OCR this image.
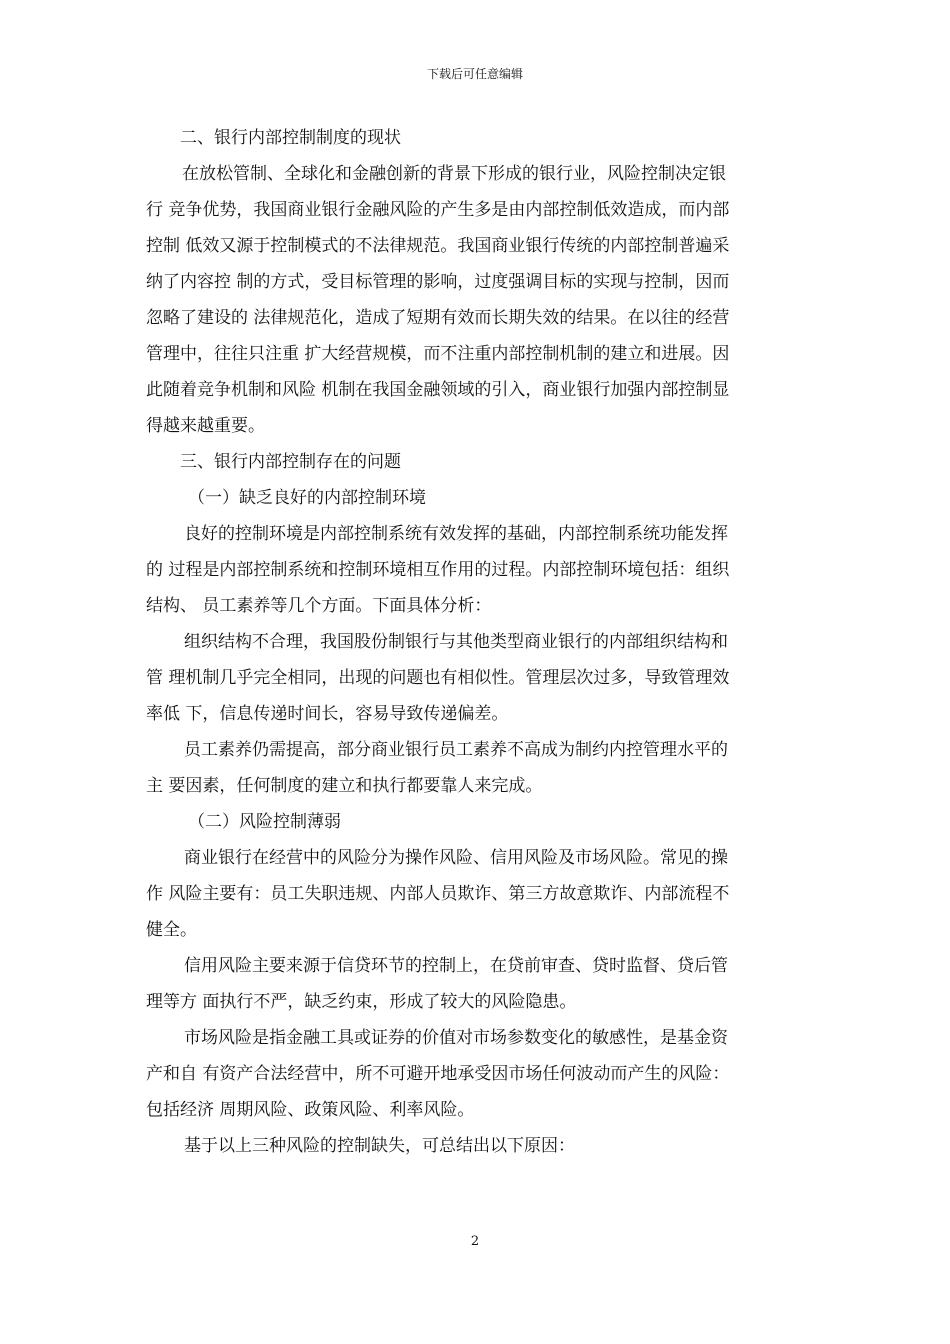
下载后可任意编辑
二、银行内部控制制度的现状
在放松管制、全球化和金融创新的背景下形成的银行业，风险控制决定银
行 竞争优势，我国商业银行金融风险的产生多是由内部控制低效造成，而内部
控制 低效又源于控制模式的不法律规范。我国商业银行传统的内部控制普遍采
纳了内容控 制的方式，受目标管理的影响，过度强调目标的实现与控制，因而
忽略了建设的 法律规范化，造成了短期有效而长期失效的结果。在以往的经营
管理中，往往只注重 扩大经营规模，而不注重内部控制机制的建立和进展。因
此随着竞争机制和风险 机制在我国金融领域的引入，商业银行加强内部控制显
得越来越重要。
三、银行内部控制存在的问题
（一）缺乏良好的内部控制环境
良好的控制环境是内部控制系统有效发挥的基础，内部控制系统功能发挥
的 过程是内部控制系统和控制环境相互作用的过程。内部控制环境包括：组织
结构、 员工素养等几个方面。下面具体分析：
组织结构不合理，我国股份制银行与其他类型商业银行的内部组织结构和
管 理机制几乎完全相同，出现的问题也有相似性。管理层次过多，导致管理效
率低 下，信息传递时间长，容易导致传递偏差。
员工素养仍需提高，部分商业银行员工素养不高成为制约内控管理水平的
主 要因素，任何制度的建立和执行都要靠人来完成。
（二）风险控制薄弱
商业银行在经营中的风险分为操作风险、信用风险及市场风险。常见的操
作 风险主要有：员工失职违规、内部人员欺诈、第三方故意欺诈、内部流程不
健全。
信用风险主要来源于信贷环节的控制上，在贷前审查、贷时监督、贷后管
理等方 面执行不严，缺乏约束，形成了较大的风险隐患。
市场风险是指金融工具或证券的价值对市场参数变化的敏感性，是基金资
产和自 有资产合法经营中，所不可避开地承受因市场任何波动而产生的风险：
包括经济 周期风险、政策风险、利率风险。
基于以上三种风险的控制缺失，可总结出以下原因：
2
